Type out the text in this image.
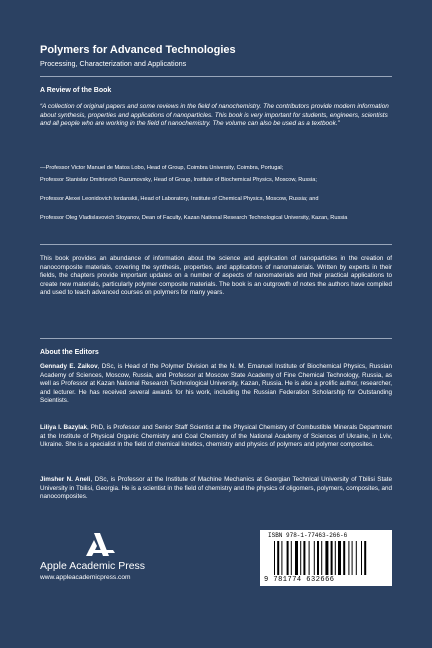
Polymers for Advanced Technologies
Processing, Characterization and Applications
A Review of the Book
“A collection of original papers and some reviews in the field of nanochemistry. The contributors provide modern information about synthesis, properties and applications of nanoparticles. This book is very important for students, engineers, scientists and all people who are working in the field of nanochemistry. The volume can also be used as a textbook.”
—Professor Victor Manuel de Matos Lobo, Head of Group, Coimbra University, Coimbra, Portugal;
Professor Stanislav Dmitrievich Razumovsky, Head of Group, Institute of Biochemical Physics, Moscow, Russia;
Professor Alexei Leonidovich Iordanskii, Head of Laboratory, Institute of Chemical Physics, Moscow, Russia; and
Professor Oleg Vladislavovich Stoyanov, Dean of Faculty, Kazan National Research Technological University, Kazan, Russia
This book provides an abundance of information about the science and application of nanoparticles in the creation of nanocomposite materials, covering the synthesis, properties, and applications of nanomaterials. Written by experts in their fields, the chapters provide important updates on a number of aspects of nanomaterials and their practical applications to create new materials, particularly polymer composite materials. The book is an outgrowth of notes the authors have compiled and used to teach advanced courses on polymers for many years.
About the Editors
Gennady E. Zaikov, DSc, is Head of the Polymer Division at the N. M. Emanuel Institute of Biochemical Physics, Russian Academy of Sciences, Moscow, Russia, and Professor at Moscow State Academy of Fine Chemical Technology, Russia, as well as Professor at Kazan National Research Technological University, Kazan, Russia. He is also a prolific author, researcher, and lecturer. He has received several awards for his work, including the Russian Federation Scholarship for Outstanding Scientists.
Liliya I. Bazylak, PhD, is Professor and Senior Staff Scientist at the Physical Chemistry of Combustible Minerals Department at the Institute of Physical Organic Chemistry and Coal Chemistry of the National Academy of Sciences of Ukraine, in Lviv, Ukraine. She is a specialist in the field of chemical kinetics, chemistry and physics of polymers and polymer composites.
Jimsher N. Aneli, DSc, is Professor at the Institute of Machine Mechanics at Georgian Technical University of Tbilisi State University in Tbilisi, Georgia. He is a scientist in the field of chemistry and the physics of oligomers, polymers, composites, and nanocomposites.
Apple Academic Press
www.appleacademicpress.com
ISBN 978-1-77463-266-6
9 781774 632666
